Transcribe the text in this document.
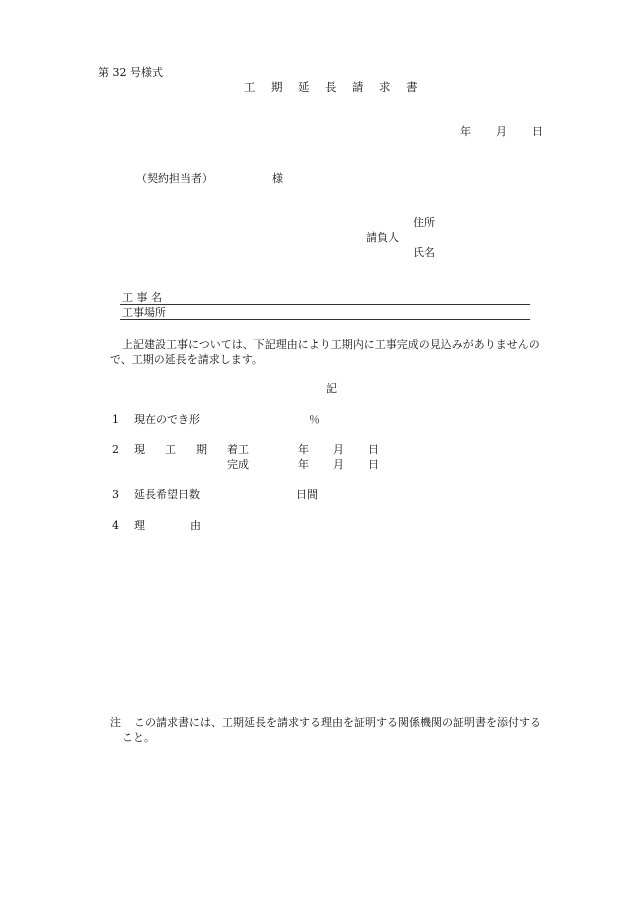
第 32 号様式
工 期 延 長 請 求 書
年 月 日
（契約担当者）	様
住所
請負人
氏名
工 事 名
工事場所
上記建設工事については、下記理由により工期内に工事完成の見込みがありませんの
で、工期の延長を請求します。
記
1 現在のでき形	％
2 現 工 期 着工	年 月 日
完成	年 月 日
3 延長希望日数	日間
4 理	由
注 この請求書には、工期延長を請求する理由を証明する関係機関の証明書を添付する
こと。
